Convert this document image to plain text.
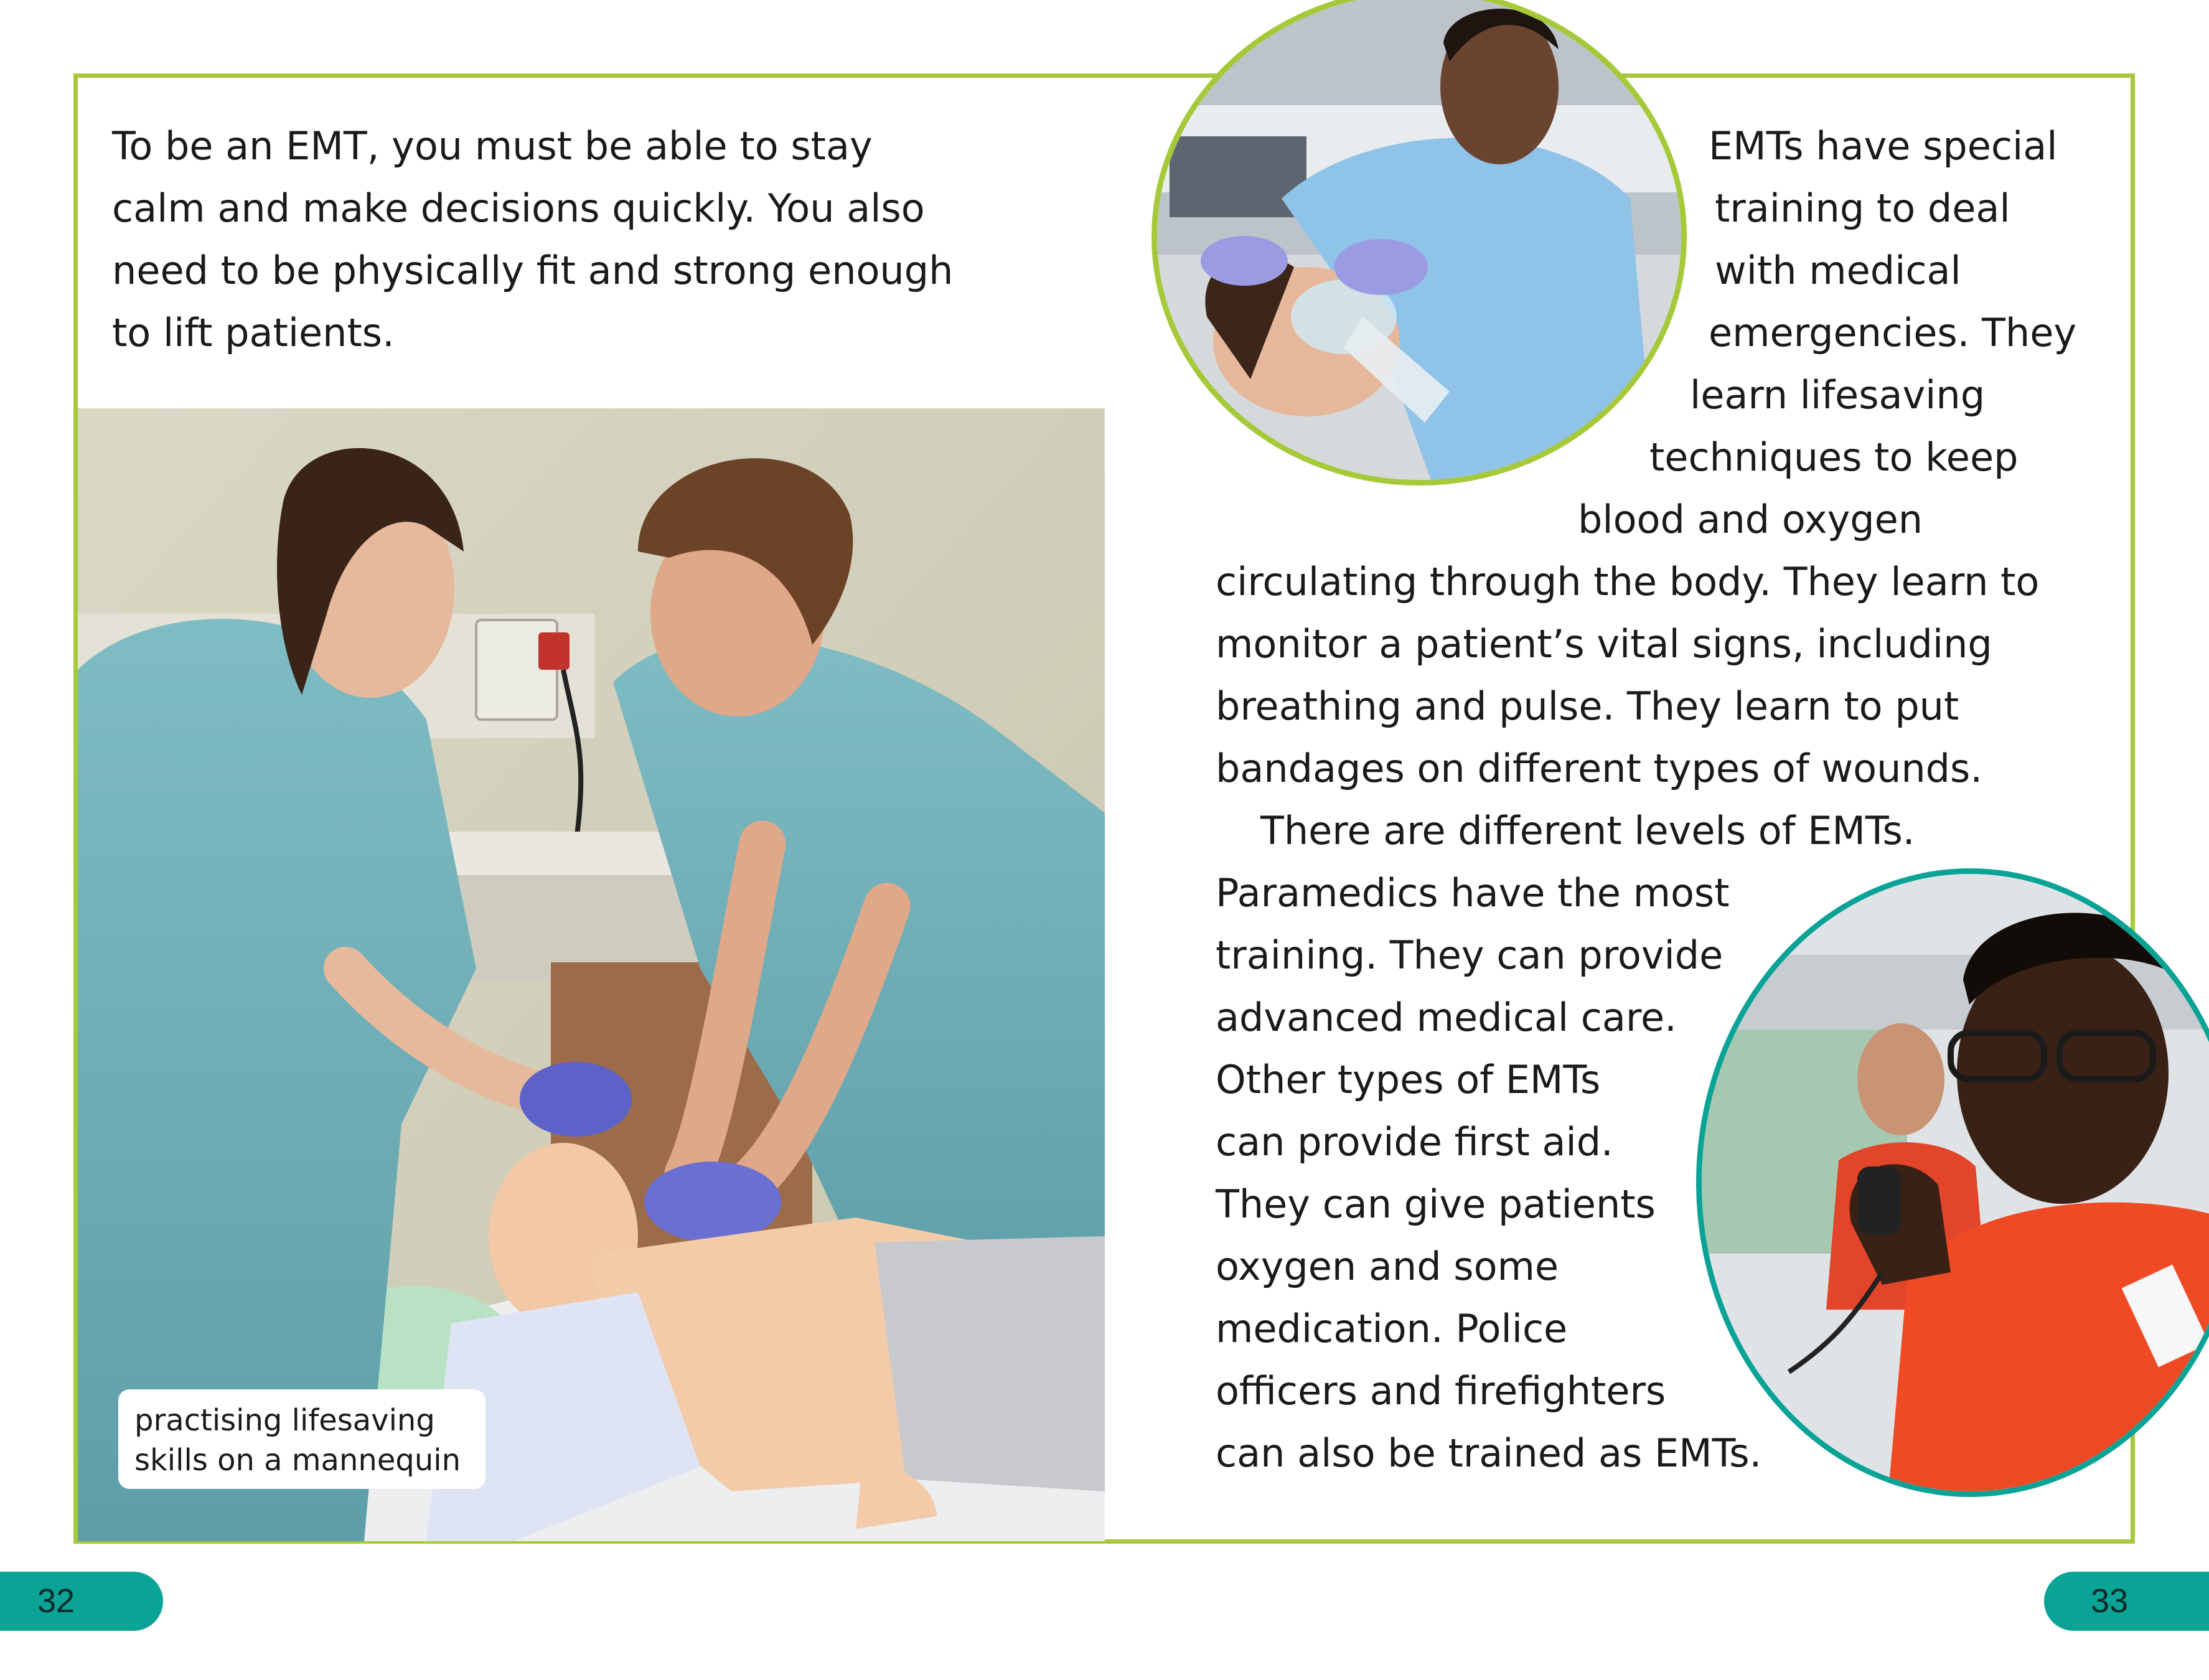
To be an EMT, you must be able to stay
calm and make decisions quickly. You also
need to be physically fit and strong enough
to lift patients.
practising lifesaving
skills on a mannequin
EMTs have special
training to deal
with medical
emergencies. They
learn lifesaving
techniques to keep
blood and oxygen
circulating through the body. They learn to
monitor a patient’s vital signs, including
breathing and pulse. They learn to put
bandages on different types of wounds.
There are different levels of EMTs.
Paramedics have the most
training. They can provide
advanced medical care.
Other types of EMTs
can provide first aid.
They can give patients
oxygen and some
medication. Police
officers and firefighters
can also be trained as EMTs.
32	33
